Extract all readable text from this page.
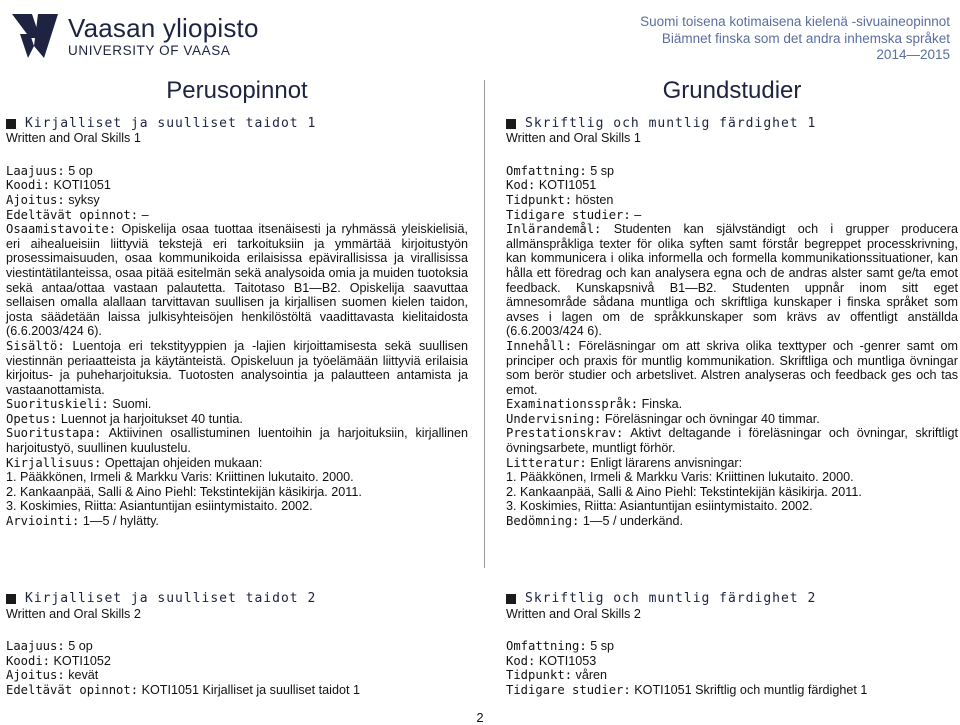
Vaasan yliopisto
UNIVERSITY OF VAASA
Suomi toisena kotimaisena kielenä -sivuaineopinnot
Biämnet finska som det andra inhemska språket
2014—2015
Perusopinnot
Kirjalliset ja suulliset taidot 1
Written and Oral Skills 1

Laajuus: 5 op

Koodi: KOTI1051

Ajoitus: syksy

Edeltävät opinnot: –

Osaamistavoite: Opiskelija osaa tuottaa itsenäisesti ja ryhmässä yleiskielisiä, eri aihealueisiin liittyviä tekstejä eri tarkoituksiin ja ymmärtää kirjoitustyön prosessimaisuuden, osaa kommunikoida erilaisissa epävirallisissa ja virallisissa viestintätilanteissa, osaa pitää esitelmän sekä analysoida omia ja muiden tuotoksia sekä antaa/ottaa vastaan palautetta. Taitotaso B1—B2. Opiskelija saavuttaa sellaisen omalla alallaan tarvittavan suullisen ja kirjallisen suomen kielen taidon, josta säädetään laissa julkisyhteisöjen henkilöstöltä vaadittavasta kielitaidosta (6.6.2003/424 6).

Sisältö: Luentoja eri tekstityyppien ja -lajien kirjoittamisesta sekä suullisen viestinnän periaatteista ja käytänteistä. Opiskeluun ja työelämään liittyviä erilaisia kirjoitus- ja puheharjoituksia. Tuotosten analysointia ja palautteen antamista ja vastaanottamista.

Suorituskieli: Suomi.

Opetus: Luennot ja harjoitukset 40 tuntia.

Suoritustapa: Aktiivinen osallistuminen luentoihin ja harjoituksiin, kirjallinen harjoitustyö, suullinen kuulustelu.

Kirjallisuus: Opettajan ohjeiden mukaan:

1. Pääkkönen, Irmeli & Markku Varis: Kriittinen lukutaito. 2000.

2. Kankaanpää, Salli & Aino Piehl: Tekstintekijän käsikirja. 2011.

3. Koskimies, Riitta: Asiantuntijan esiintymistaito. 2002.

Arviointi: 1—5 / hylätty.

Kirjalliset ja suulliset taidot 2
Written and Oral Skills 2

Laajuus: 5 op

Koodi: KOTI1052

Ajoitus: kevät

Edeltävät opinnot: KOTI1051 Kirjalliset ja suulliset taidot 1

Grundstudier
Skriftlig och muntlig färdighet 1
Written and Oral Skills 1

Omfattning: 5 sp

Kod: KOTI1051

Tidpunkt: hösten

Tidigare studier: –

Inlärandemål: Studenten kan självständigt och i grupper producera allmänspråkliga texter för olika syften samt förstår begreppet processkrivning, kan kommunicera i olika informella och formella kommunikationssituationer, kan hålla ett föredrag och kan analysera egna och de andras alster samt ge/ta emot feedback. Kunskapsnivå B1—B2. Studenten uppnår inom sitt eget ämnesområde sådana muntliga och skriftliga kunskaper i finska språket som avses i lagen om de språkkunskaper som krävs av offentligt anställda (6.6.2003/424 6).

Innehåll: Föreläsningar om att skriva olika texttyper och -genrer samt om principer och praxis för muntlig kommunikation. Skriftliga och muntliga övningar som berör studier och arbetslivet. Alstren analyseras och feedback ges och tas emot.

Examinationsspråk: Finska.

Undervisning: Föreläsningar och övningar 40 timmar.

Prestationskrav: Aktivt deltagande i föreläsningar och övningar, skriftligt övningsarbete, muntligt förhör.

Litteratur: Enligt lärarens anvisningar:

1. Pääkkönen, Irmeli & Markku Varis: Kriittinen lukutaito. 2000.

2. Kankaanpää, Salli & Aino Piehl: Tekstintekijän käsikirja. 2011.

3. Koskimies, Riitta: Asiantuntijan esiintymistaito. 2002.

Bedömning: 1—5 / underkänd.

Skriftlig och muntlig färdighet 2
Written and Oral Skills 2

Omfattning: 5 sp

Kod: KOTI1053

Tidpunkt: våren

Tidigare studier: KOTI1051 Skriftlig och muntlig färdighet 1

2
